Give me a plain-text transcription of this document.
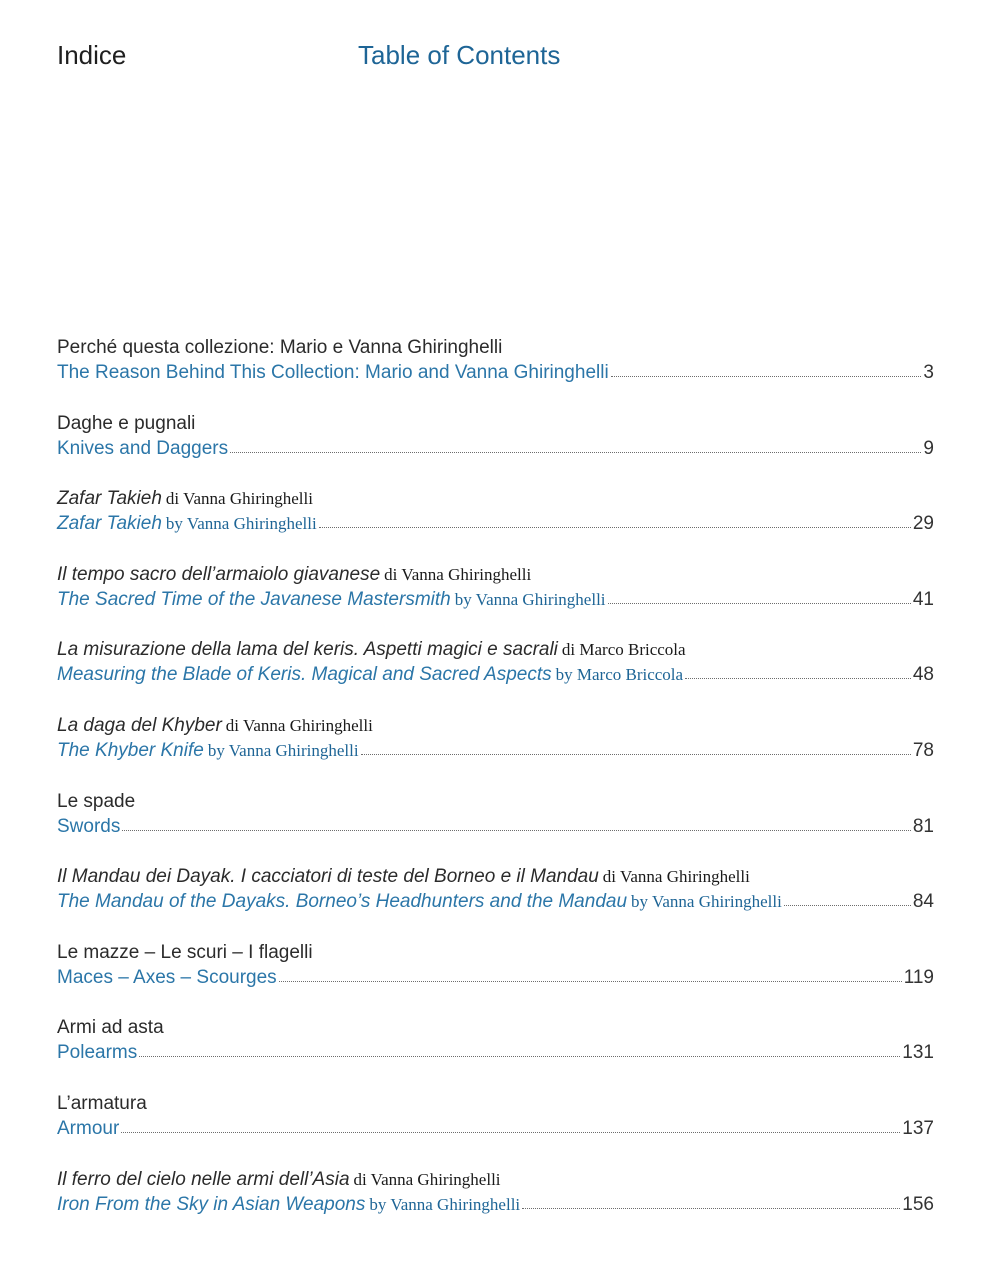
Indice	Table of Contents
Perché questa collezione: Mario e Vanna Ghiringhelli
The Reason Behind This Collection: Mario and Vanna Ghiringhelli	3
Daghe e pugnali
Knives and Daggers	9
Zafar Takieh di Vanna Ghiringhelli
Zafar Takieh by Vanna Ghiringhelli	29
Il tempo sacro dell’armaiolo giavanese di Vanna Ghiringhelli
The Sacred Time of the Javanese Mastersmith by Vanna Ghiringhelli	41
La misurazione della lama del keris. Aspetti magici e sacrali di Marco Briccola
Measuring the Blade of Keris. Magical and Sacred Aspects by Marco Briccola	48
La daga del Khyber di Vanna Ghiringhelli
The Khyber Knife by Vanna Ghiringhelli	78
Le spade
Swords	81
Il Mandau dei Dayak. I cacciatori di teste del Borneo e il Mandau di Vanna Ghiringhelli
The Mandau of the Dayaks. Borneo’s Headhunters and the Mandau by Vanna Ghiringhelli	84
Le mazze – Le scuri – I flagelli
Maces – Axes – Scourges	119
Armi ad asta
Polearms	131
L’armatura
Armour	137
Il ferro del cielo nelle armi dell’Asia di Vanna Ghiringhelli
Iron From the Sky in Asian Weapons by Vanna Ghiringhelli	156
